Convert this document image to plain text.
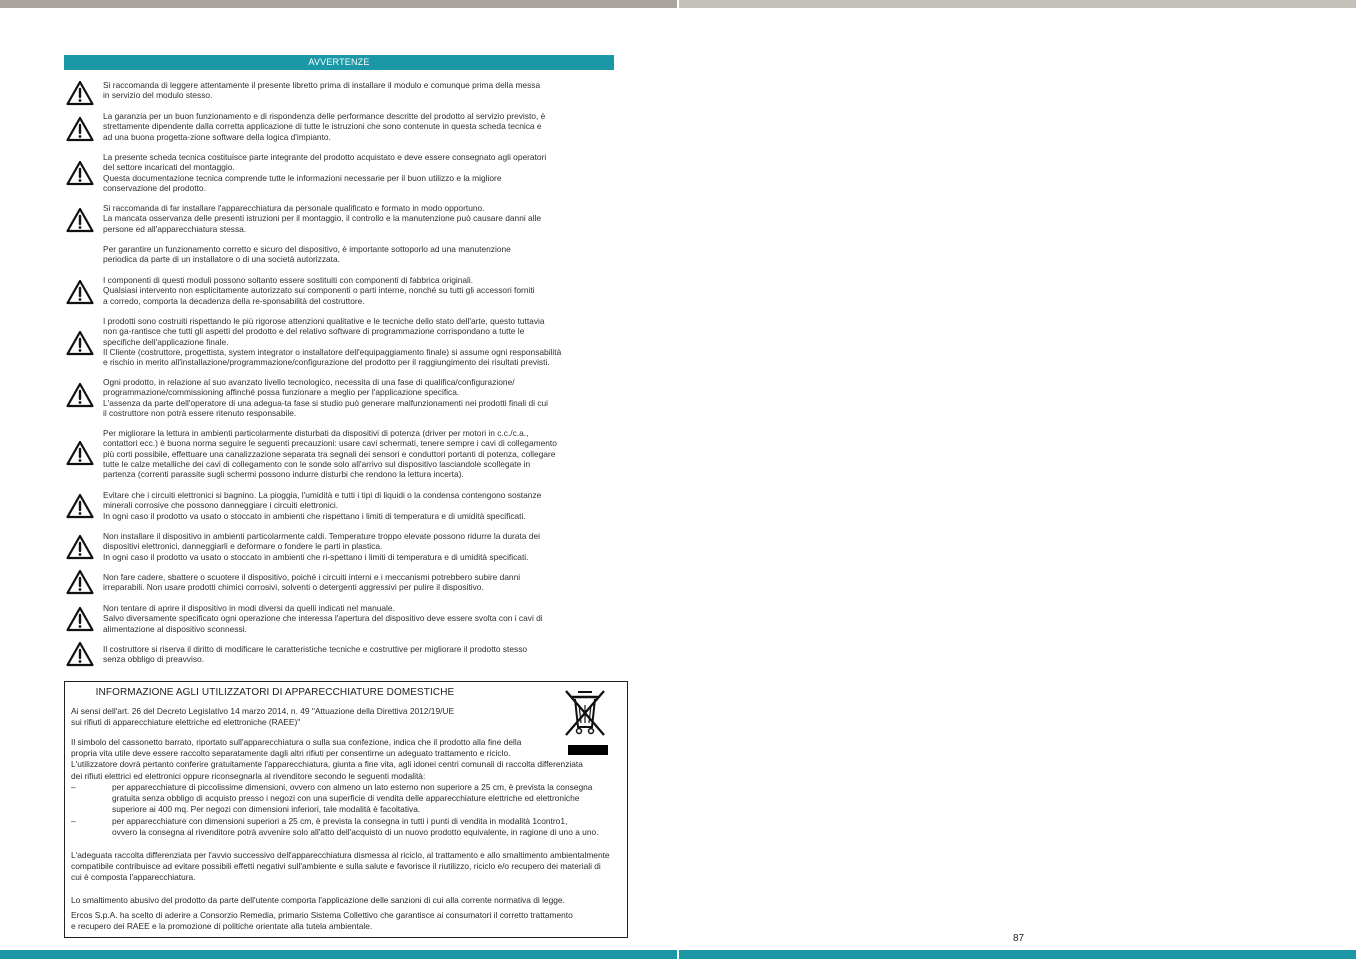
AVVERTENZE
Si raccomanda di leggere attentamente il presente libretto prima di installare il modulo e comunque prima della messa
in servizio del modulo stesso.
La garanzia per un buon funzionamento e di rispondenza delle performance descritte del prodotto al servizio previsto, è
strettamente dipendente dalla corretta applicazione di tutte le istruzioni che sono contenute in questa scheda tecnica e
ad una buona progetta-zione software della logica d'impianto.
La presente scheda tecnica costituisce parte integrante del prodotto acquistato e deve essere consegnato agli operatori
del settore incaricati del montaggio.
Questa documentazione tecnica comprende tutte le informazioni necessarie per il buon utilizzo e la migliore
conservazione del prodotto.
Si raccomanda di far installare l'apparecchiatura da personale qualificato e formato in modo opportuno.
La mancata osservanza delle presenti istruzioni per il montaggio, il controllo e la manutenzione può causare danni alle
persone ed all'apparecchiatura stessa.
Per garantire un funzionamento corretto e sicuro del dispositivo, è importante sottoporlo ad una manutenzione
periodica da parte di un installatore o di una società autorizzata.
I componenti di questi moduli possono soltanto essere sostituiti con componenti di fabbrica originali.
Qualsiasi intervento non esplicitamente autorizzato sui componenti o parti interne, nonché su tutti gli accessori forniti
a corredo, comporta la decadenza della re-sponsabilità del costruttore.
I prodotti sono costruiti rispettando le più rigorose attenzioni qualitative e le tecniche dello stato dell'arte, questo tuttavia
non ga-rantisce che tutti gli aspetti del prodotto e del relativo software di programmazione corrispondano a tutte le
specifiche dell'applicazione finale.
Il Cliente (costruttore, progettista, system integrator o installatore dell'equipaggiamento finale) si assume ogni responsabilità
e rischio in merito all'installazione/programmazione/configurazione del prodotto per il raggiungimento dei risultati previsti.
Ogni prodotto, in relazione al suo avanzato livello tecnologico, necessita di una fase di qualifica/configurazione/
programmazione/commissioning affinché possa funzionare a meglio per l'applicazione specifica.
L'assenza da parte dell'operatore di una adegua-ta fase si studio può generare malfunzionamenti nei prodotti finali di cui
il costruttore non potrà essere ritenuto responsabile.
Per migliorare la lettura in ambienti particolarmente disturbati da dispositivi di potenza (driver per motori in c.c./c.a.,
contattori ecc.) è buona norma seguire le seguenti precauzioni: usare cavi schermati, tenere sempre i cavi di collegamento
più corti possibile, effettuare una canalizzazione separata tra segnali dei sensori e conduttori portanti di potenza, collegare
tutte le calze metalliche dei cavi di collegamento con le sonde solo all'arrivo sul dispositivo lasciandole scollegate in
partenza (correnti parassite sugli schermi possono indurre disturbi che rendono la lettura incerta).
Evitare che i circuiti elettronici si bagnino. La pioggia, l'umidità e tutti i tipi di liquidi o la condensa contengono sostanze
minerali corrosive che possono danneggiare i circuiti elettronici.
In ogni caso il prodotto va usato o stoccato in ambienti che rispettano i limiti di temperatura e di umidità specificati.
Non installare il dispositivo in ambienti particolarmente caldi. Temperature troppo elevate possono ridurre la durata dei
dispositivi elettronici, danneggiarli e deformare o fondere le parti in plastica.
In ogni caso il prodotto va usato o stoccato in ambienti che ri-spettano i limiti di temperatura e di umidità specificati.
Non fare cadere, sbattere o scuotere il dispositivo, poiché i circuiti interni e i meccanismi potrebbero subire danni
irreparabili. Non usare prodotti chimici corrosivi, solventi o detergenti aggressivi per pulire il dispositivo.
Non tentare di aprire il dispositivo in modi diversi da quelli indicati nel manuale.
Salvo diversamente specificato ogni operazione che interessa l'apertura del dispositivo deve essere svolta con i cavi di
alimentazione al dispositivo sconnessi.
Il costruttore si riserva il diritto di modificare le caratteristiche tecniche e costruttive per migliorare il prodotto stesso
senza obbligo di preavviso.
INFORMAZIONE AGLI UTILIZZATORI DI APPARECCHIATURE DOMESTICHE
Ai sensi dell'art. 26 del Decreto Legislativo 14 marzo 2014, n. 49 "Attuazione della Direttiva 2012/19/UE
sui rifiuti di apparecchiature elettriche ed elettroniche (RAEE)"
Il simbolo del cassonetto barrato, riportato sull'apparecchiatura o sulla sua confezione, indica che il prodotto alla fine della
propria vita utile deve essere raccolto separatamente dagli altri rifiuti per consentirne un adeguato trattamento e riciclo.
L'utilizzatore dovrà pertanto conferire gratuitamente l'apparecchiatura, giunta a fine vita, agli idonei centri comunali di raccolta differenziata
dei rifiuti elettrici ed elettronici oppure riconsegnarla al rivenditore secondo le seguenti modalità:
–	per apparecchiature di piccolissime dimensioni, ovvero con almeno un lato esterno non superiore a 25 cm, è prevista la consegna
gratuita senza obbligo di acquisto presso i negozi con una superficie di vendita delle apparecchiature elettriche ed elettroniche
superiore ai 400 mq. Per negozi con dimensioni inferiori, tale modalità è facoltativa.
–	per apparecchiature con dimensioni superiori a 25 cm, è prevista la consegna in tutti i punti di vendita in modalità 1contro1,
ovvero la consegna al rivenditore potrà avvenire solo all'atto dell'acquisto di un nuovo prodotto equivalente, in ragione di uno a uno.
L'adeguata raccolta differenziata per l'avvio successivo dell'apparecchiatura dismessa al riciclo, al trattamento e allo smaltimento ambientalmente
compatibile contribuisce ad evitare possibili effetti negativi sull'ambiente e sulla salute e favorisce il riutilizzo, riciclo e/o recupero dei materiali di
cui è composta l'apparecchiatura.
Lo smaltimento abusivo del prodotto da parte dell'utente comporta l'applicazione delle sanzioni di cui alla corrente normativa di legge.
Ercos S.p.A. ha scelto di aderire a Consorzio Remedia, primario Sistema Collettivo che garantisce ai consumatori il corretto trattamento
e recupero dei RAEE e la promozione di politiche orientate alla tutela ambientale.
87
